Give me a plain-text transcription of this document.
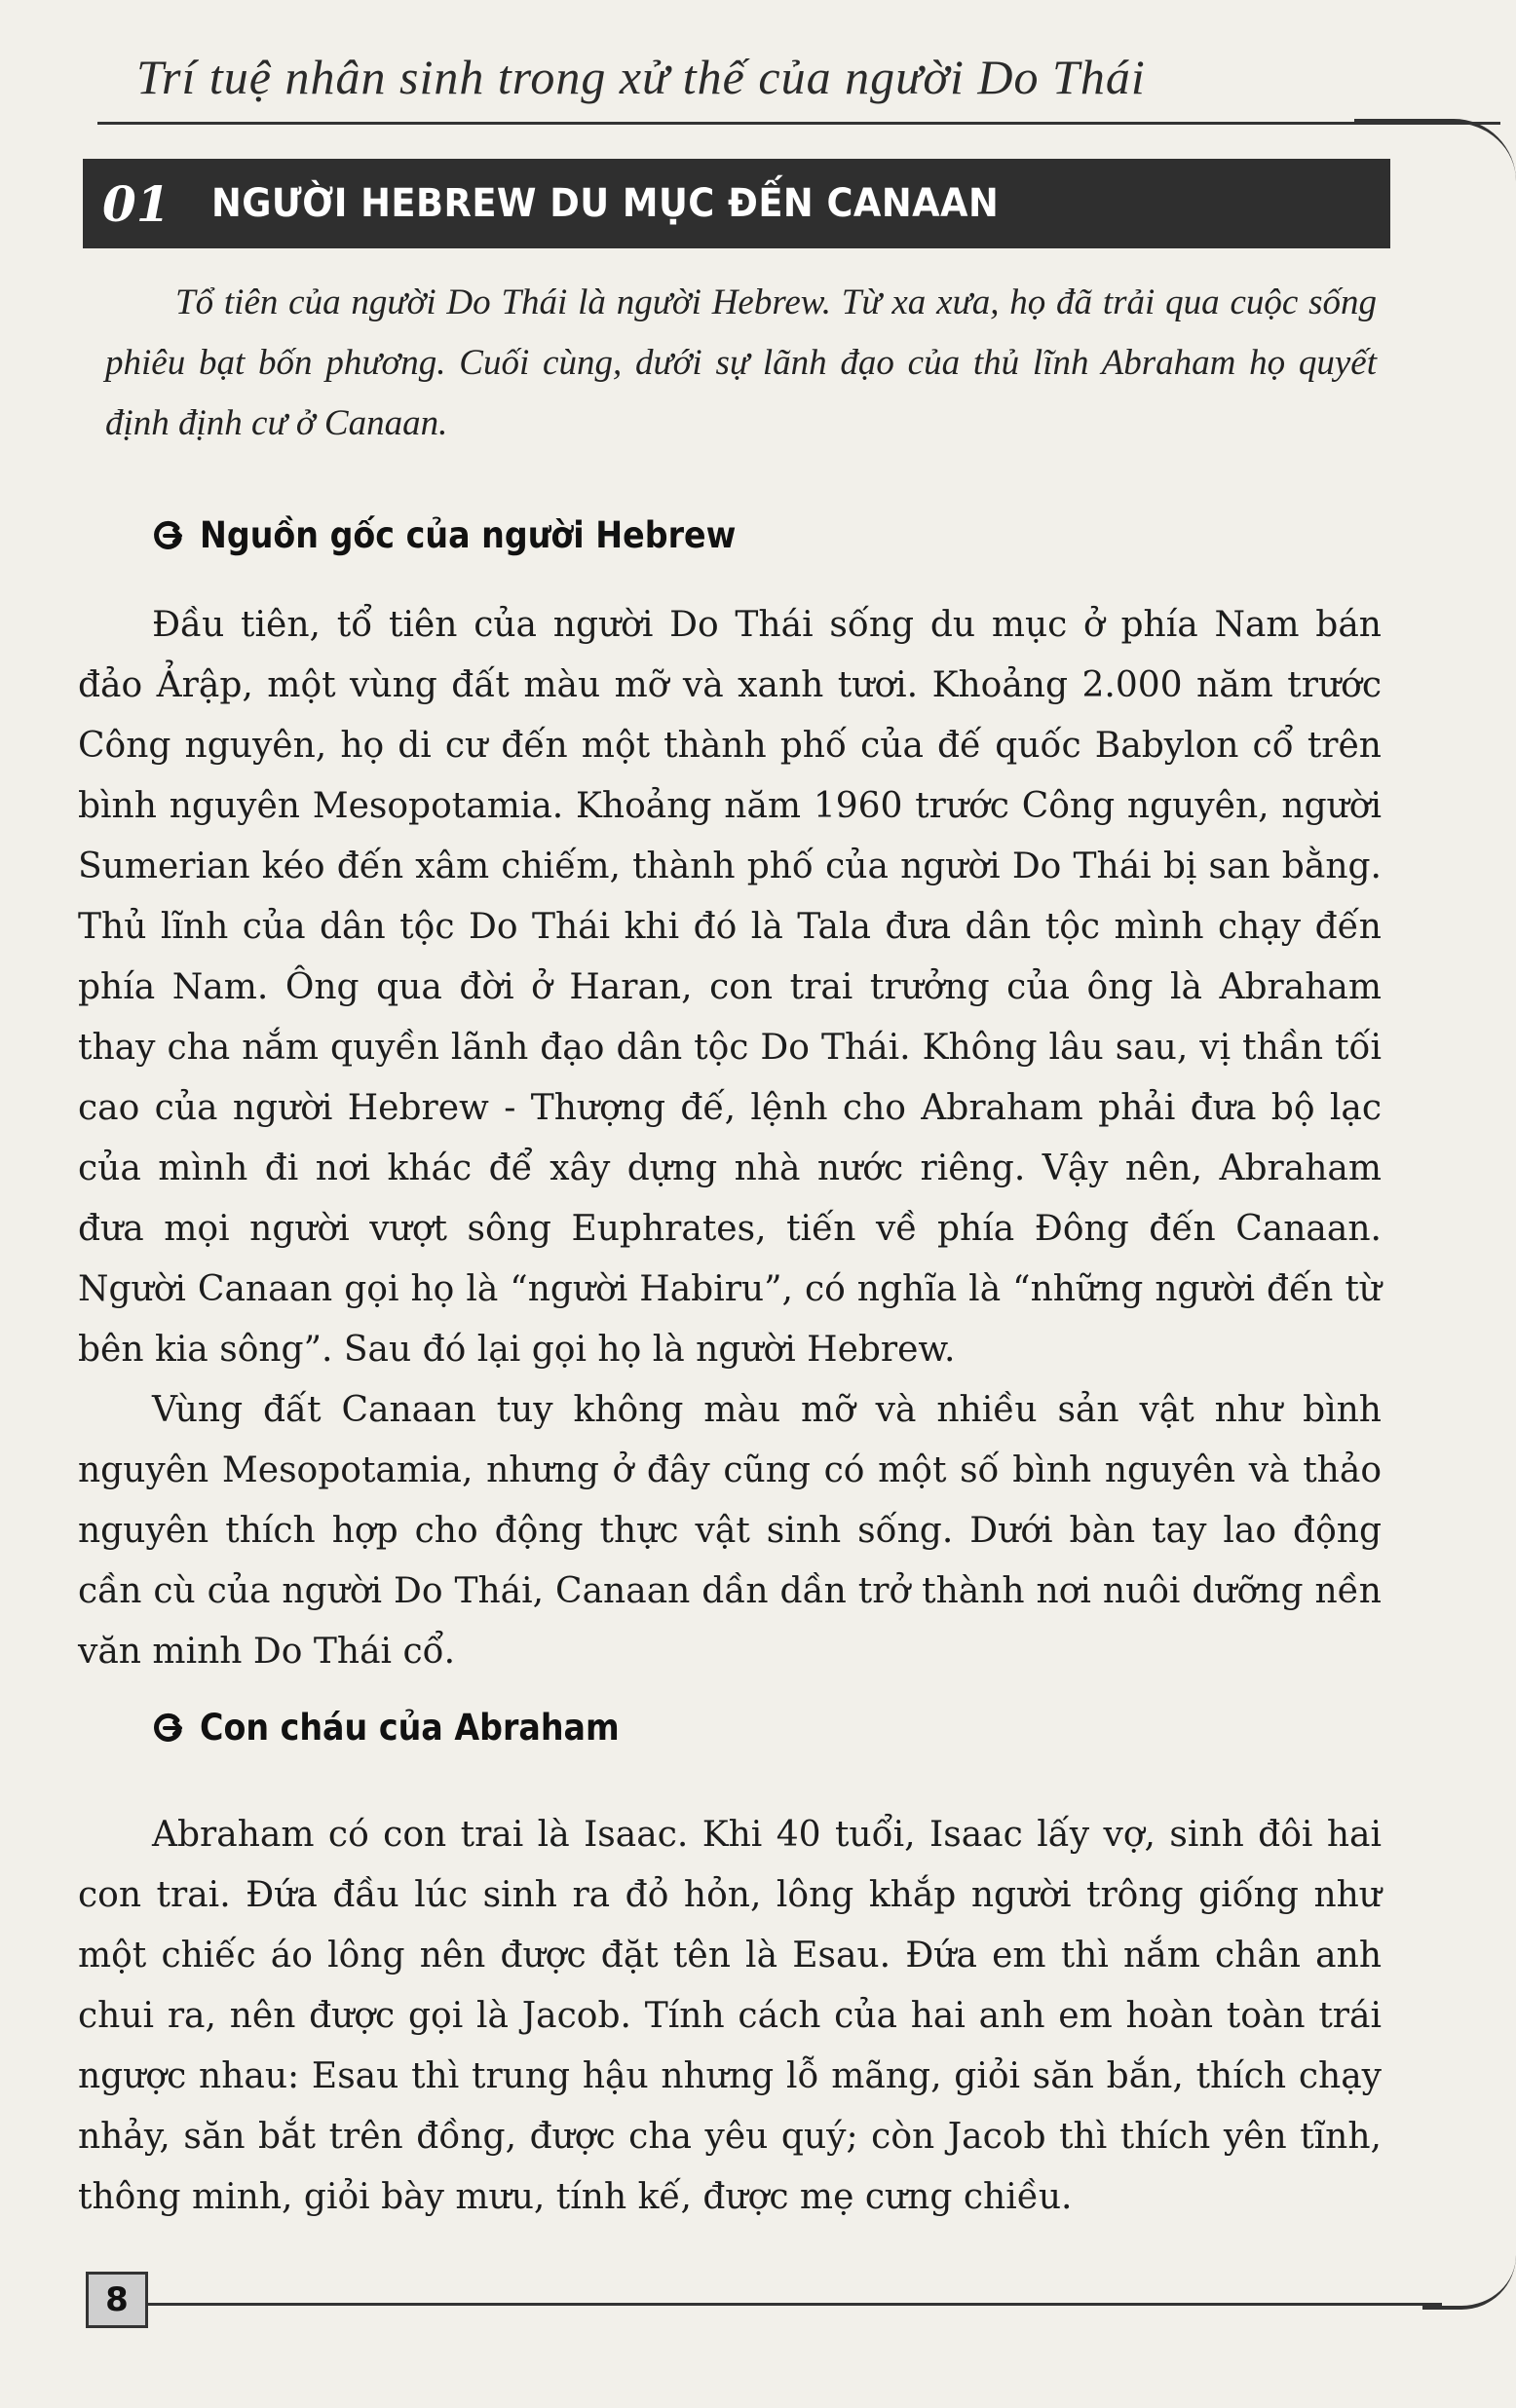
Trí tuệ nhân sinh trong xử thế của người Do Thái
01	NGƯỜI HEBREW DU MỤC ĐẾN CANAAN
Tổ tiên của người Do Thái là người Hebrew. Từ xa xưa, họ đã trải qua cuộc sống phiêu bạt bốn phương. Cuối cùng, dưới sự lãnh đạo của thủ lĩnh Abraham họ quyết định định cư ở Canaan.
Nguồn gốc của người Hebrew

Đầu tiên, tổ tiên của người Do Thái sống du mục ở phía Nam bán đảo Ảrập, một vùng đất màu mỡ và xanh tươi. Khoảng 2.000 năm trước Công nguyên, họ di cư đến một thành phố của đế quốc Babylon cổ trên bình nguyên Mesopotamia. Khoảng năm 1960 trước Công nguyên, người Sumerian kéo đến xâm chiếm, thành phố của người Do Thái bị san bằng. Thủ lĩnh của dân tộc Do Thái khi đó là Tala đưa dân tộc mình chạy đến phía Nam. Ông qua đời ở Haran, con trai trưởng của ông là Abraham thay cha nắm quyền lãnh đạo dân tộc Do Thái. Không lâu sau, vị thần tối cao của người Hebrew - Thượng đế, lệnh cho Abraham phải đưa bộ lạc của mình đi nơi khác để xây dựng nhà nước riêng. Vậy nên, Abraham đưa mọi người vượt sông Euphrates, tiến về phía Đông đến Canaan. Người Canaan gọi họ là “người Habiru”, có nghĩa là “những người đến từ bên kia sông”. Sau đó lại gọi họ là người Hebrew.

Vùng đất Canaan tuy không màu mỡ và nhiều sản vật như bình nguyên Mesopotamia, nhưng ở đây cũng có một số bình nguyên và thảo nguyên thích hợp cho động thực vật sinh sống. Dưới bàn tay lao động cần cù của người Do Thái, Canaan dần dần trở thành nơi nuôi dưỡng nền văn minh Do Thái cổ.

Con cháu của Abraham

Abraham có con trai là Isaac. Khi 40 tuổi, Isaac lấy vợ, sinh đôi hai con trai. Đứa đầu lúc sinh ra đỏ hỏn, lông khắp người trông giống như một chiếc áo lông nên được đặt tên là Esau. Đứa em thì nắm chân anh chui ra, nên được gọi là Jacob. Tính cách của hai anh em hoàn toàn trái ngược nhau: Esau thì trung hậu nhưng lỗ mãng, giỏi săn bắn, thích chạy nhảy, săn bắt trên đồng, được cha yêu quý; còn Jacob thì thích yên tĩnh, thông minh, giỏi bày mưu, tính kế, được mẹ cưng chiều.

8
